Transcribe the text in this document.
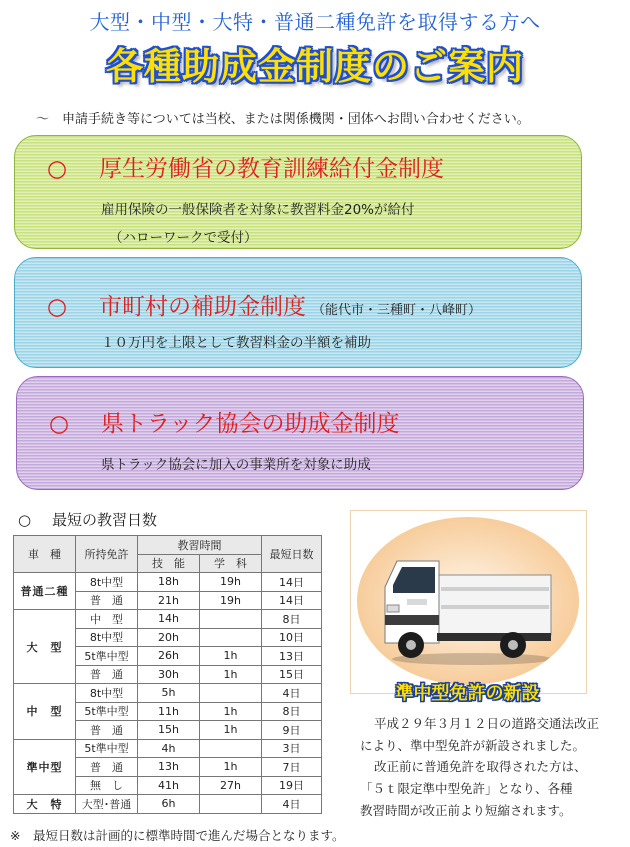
大型・中型・大特・普通二種免許を取得する方へ
各種助成金制度のご案内
～　申請手続き等については当校、または関係機関・団体へお問い合わせください。
○ 厚生労働省の教育訓練給付金制度
雇用保険の一般保険者を対象に教習料金20%が給付
（ハローワークで受付）
○ 市町村の補助金制度 （能代市・三種町・八峰町）
１０万円を上限として教習料金の半額を補助
○ 県トラック協会の助成金制度
県トラック協会に加入の事業所を対象に助成
○ 最短の教習日数
車　種	所持免許	教習時間		最短日数
		技　能	学　科	
普通二種	8t中型	18h	19h	14日
	普　通	21h	19h	14日
大　型	中　型	14h		8日
	8t中型	20h		10日
	5t準中型	26h	1h	13日
	普　通	30h	1h	15日
中　型	8t中型	5h		4日
	5t準中型	11h	1h	8日
	普　通	15h	1h	9日
準中型	5t準中型	4h		3日
	普　通	13h	1h	7日
	無　し	41h	27h	19日
大　特	大型･普通	6h		4日
準中型免許の新設
平成２９年３月１２日の道路交通法改正
により、準中型免許が新設されました。
改正前に普通免許を取得された方は、
「５ｔ限定準中型免許」となり、各種
教習時間が改正前より短縮されます。
※　最短日数は計画的に標準時間で進んだ場合となります。
